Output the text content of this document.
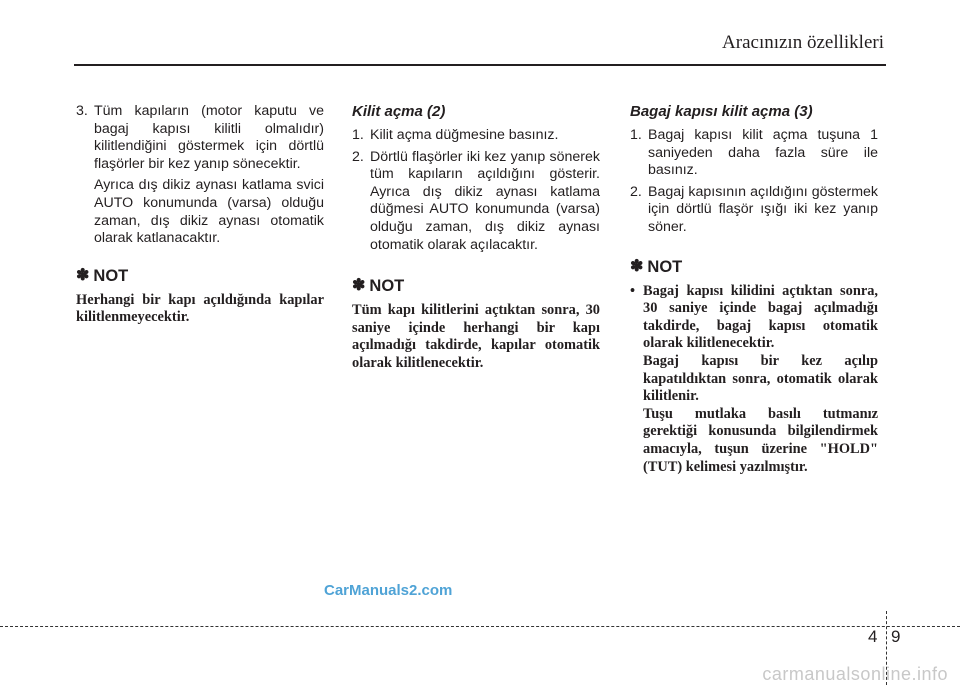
Aracınızın özellikleri

3. Tüm kapıların (motor kaputu ve bagaj kapısı kilitli olmalıdır) kilitlendiğini göstermek için dörtlü flaşörler bir kez yanıp sönecektir.

Ayrıca dış dikiz aynası katlama svici AUTO konumunda (varsa) olduğu zaman, dış dikiz aynası otomatik olarak katlanacaktır.

✽ NOT

Herhangi bir kapı açıldığında kapılar kilitlenmeyecektir.

Kilit açma (2)

1. Kilit açma düğmesine basınız.

2. Dörtlü flaşörler iki kez yanıp sönerek tüm kapıların açıldığını gösterir. Ayrıca dış dikiz aynası katlama düğmesi AUTO konumunda (varsa) olduğu zaman, dış dikiz aynası otomatik olarak açılacaktır.

✽ NOT

Tüm kapı kilitlerini açtıktan sonra, 30 saniye içinde herhangi bir kapı açılmadığı takdirde, kapılar otomatik olarak kilitlenecektir.

Bagaj kapısı kilit açma (3)

1. Bagaj kapısı kilit açma tuşuna 1 saniyeden daha fazla süre ile basınız.

2. Bagaj kapısının açıldığını göstermek için dörtlü flaşör ışığı iki kez yanıp söner.

✽ NOT

• Bagaj kapısı kilidini açtıktan sonra, 30 saniye içinde bagaj açılmadığı takdirde, bagaj kapısı otomatik olarak kilitlenecektir.

Bagaj kapısı bir kez açılıp kapatıldıktan sonra, otomatik olarak kilitlenir.

Tuşu mutlaka basılı tutmanız gerektiği konusunda bilgilendirmek amacıyla, tuşun üzerine "HOLD" (TUT) kelimesi yazılmıştır.

CarManuals2.com
4 9
carmanualsonline.info
